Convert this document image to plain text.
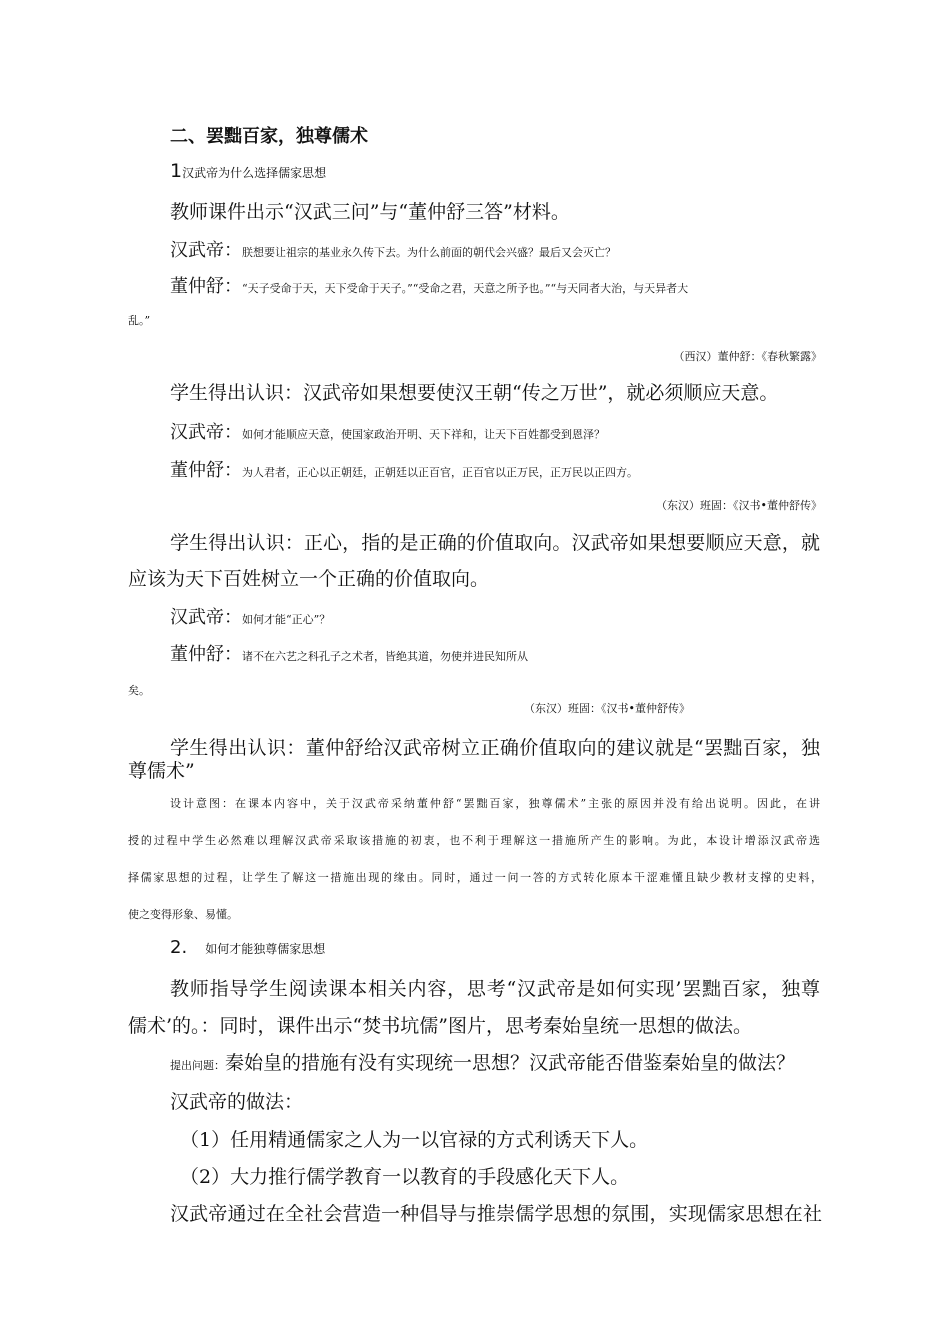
二、罢黜百家，独尊儒术
1汉武帝为什么选择儒家思想
教师课件出示“汉武三问”与“董仲舒三答”材料。
汉武帝：朕想要让祖宗的基业永久传下去。为什么前面的朝代会兴盛？最后又会灭亡？
董仲舒：“天子受命于天，天下受命于天子。”“受命之君，天意之所予也。”“与天同者大治，与天异者大
乱。”
（西汉）董仲舒：《春秋繁露》
学生得出认识：汉武帝如果想要使汉王朝“传之万世”，就必须顺应天意。
汉武帝：如何才能顺应天意，使国家政治开明、天下祥和，让天下百姓都受到恩泽？
董仲舒：为人君者，正心以正朝廷，正朝廷以正百官，正百官以正万民，正万民以正四方。
（东汉）班固：《汉书•董仲舒传》
学生得出认识：正心，指的是正确的价值取向。汉武帝如果想要顺应天意，就
应该为天下百姓树立一个正确的价值取向。
汉武帝：如何才能“正心”？
董仲舒：诸不在六艺之科孔子之术者，皆绝其道，勿使并进民知所从
矣。
（东汉）班固：《汉书•董仲舒传》
学生得出认识：董仲舒给汉武帝树立正确价值取向的建议就是“罢黜百家，独
尊儒术”
设计意图：在课本内容中，关于汉武帝采纳董仲舒“罢黜百家，独尊儒术”主张的原因并没有给出说明。因此，在讲
授的过程中学生必然难以理解汉武帝采取该措施的初衷，也不利于理解这一措施所产生的影响。为此，本设计增添汉武帝选
择儒家思想的过程，让学生了解这一措施出现的缘由。同时，通过一问一答的方式转化原本干涩难懂且缺少教材支撑的史料，
使之变得形象、易懂。
2. 如何才能独尊儒家思想
教师指导学生阅读课本相关内容，思考“汉武帝是如何实现’罢黜百家，独尊
儒术’的。：同时，课件出示“焚书坑儒”图片，思考秦始皇统一思想的做法。
提出问题：秦始皇的措施有没有实现统一思想？汉武帝能否借鉴秦始皇的做法？
汉武帝的做法：
（1）任用精通儒家之人为一以官禄的方式利诱天下人。
（2）大力推行儒学教育一以教育的手段感化天下人。
汉武帝通过在全社会营造一种倡导与推崇儒学思想的氛围，实现儒家思想在社
